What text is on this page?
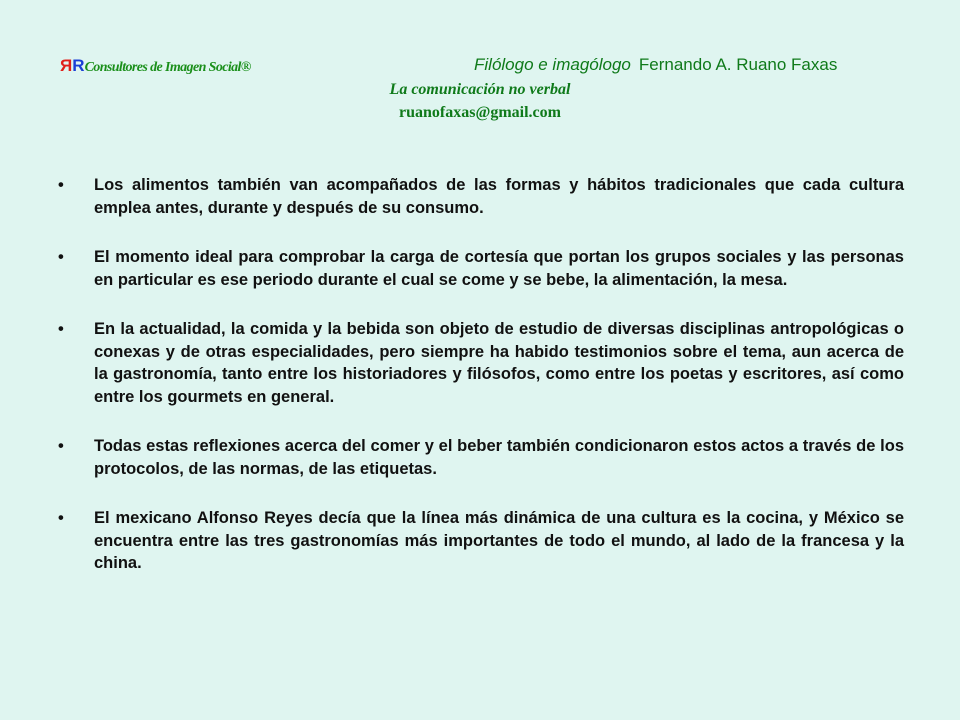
RRConsultores de Imagen Social®	Filólogo e imagólogo Fernando A. Ruano Faxas
La comunicación no verbal
ruanofaxas@gmail.com
•	Los alimentos también van acompañados de las formas y hábitos tradicionales que cada cultura emplea antes, durante y después de su consumo.
•	El momento ideal para comprobar la carga de cortesía que portan los grupos sociales y las personas en particular es ese periodo durante el cual se come y se bebe, la alimentación, la mesa.
•	En la actualidad, la comida y la bebida son objeto de estudio de diversas disciplinas antropológicas o conexas y de otras especialidades, pero siempre ha habido testimonios sobre el tema, aun acerca de la gastronomía, tanto entre los historiadores y filósofos, como entre los poetas y escritores, así como entre los gourmets en general.
•	Todas estas reflexiones acerca del comer y el beber también condicionaron estos actos a través de los protocolos, de las normas, de las etiquetas.
•	El mexicano Alfonso Reyes decía que la línea más dinámica de una cultura es la cocina, y México se encuentra entre las tres gastronomías más importantes de todo el mundo, al lado de la francesa y la china.
